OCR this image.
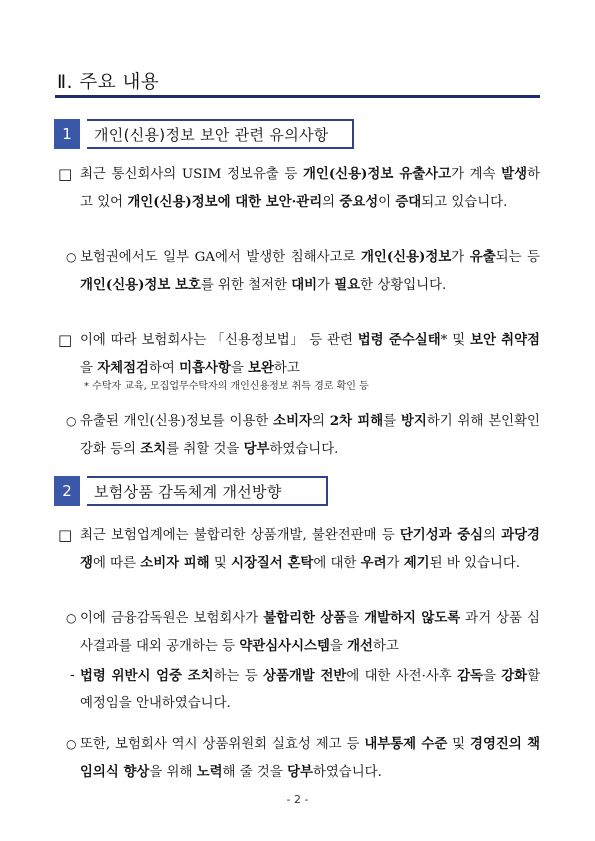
Ⅱ. 주요 내용
1	개인(신용)정보 보안 관련 유의사항
□ 최근 통신회사의 USIM 정보유출 등 개인(신용)정보 유출사고가 계속 발생하고 있어 개인(신용)정보에 대한 보안·관리의 중요성이 증대되고 있습니다.
○ 보험권에서도 일부 GA에서 발생한 침해사고로 개인(신용)정보가 유출되는 등 개인(신용)정보 보호를 위한 철저한 대비가 필요한 상황입니다.
□ 이에 따라 보험회사는 「신용정보법」 등 관련 법령 준수실태* 및 보안 취약점을 자체점검하여 미흡사항을 보완하고
* 수탁자 교육, 모집업무수탁자의 개인신용정보 취득 경로 확인 등
○ 유출된 개인(신용)정보를 이용한 소비자의 2차 피해를 방지하기 위해 본인확인 강화 등의 조치를 취할 것을 당부하였습니다.
2	보험상품 감독체계 개선방향
□ 최근 보험업계에는 불합리한 상품개발, 불완전판매 등 단기성과 중심의 과당경쟁에 따른 소비자 피해 및 시장질서 혼탁에 대한 우려가 제기된 바 있습니다.
○ 이에 금융감독원은 보험회사가 불합리한 상품을 개발하지 않도록 과거 상품 심사결과를 대외 공개하는 등 약관심사시스템을 개선하고
- 법령 위반시 엄중 조치하는 등 상품개발 전반에 대한 사전·사후 감독을 강화할 예정임을 안내하였습니다.
○ 또한, 보험회사 역시 상품위원회 실효성 제고 등 내부통제 수준 및 경영진의 책임의식 향상을 위해 노력해 줄 것을 당부하였습니다.
- 2 -
